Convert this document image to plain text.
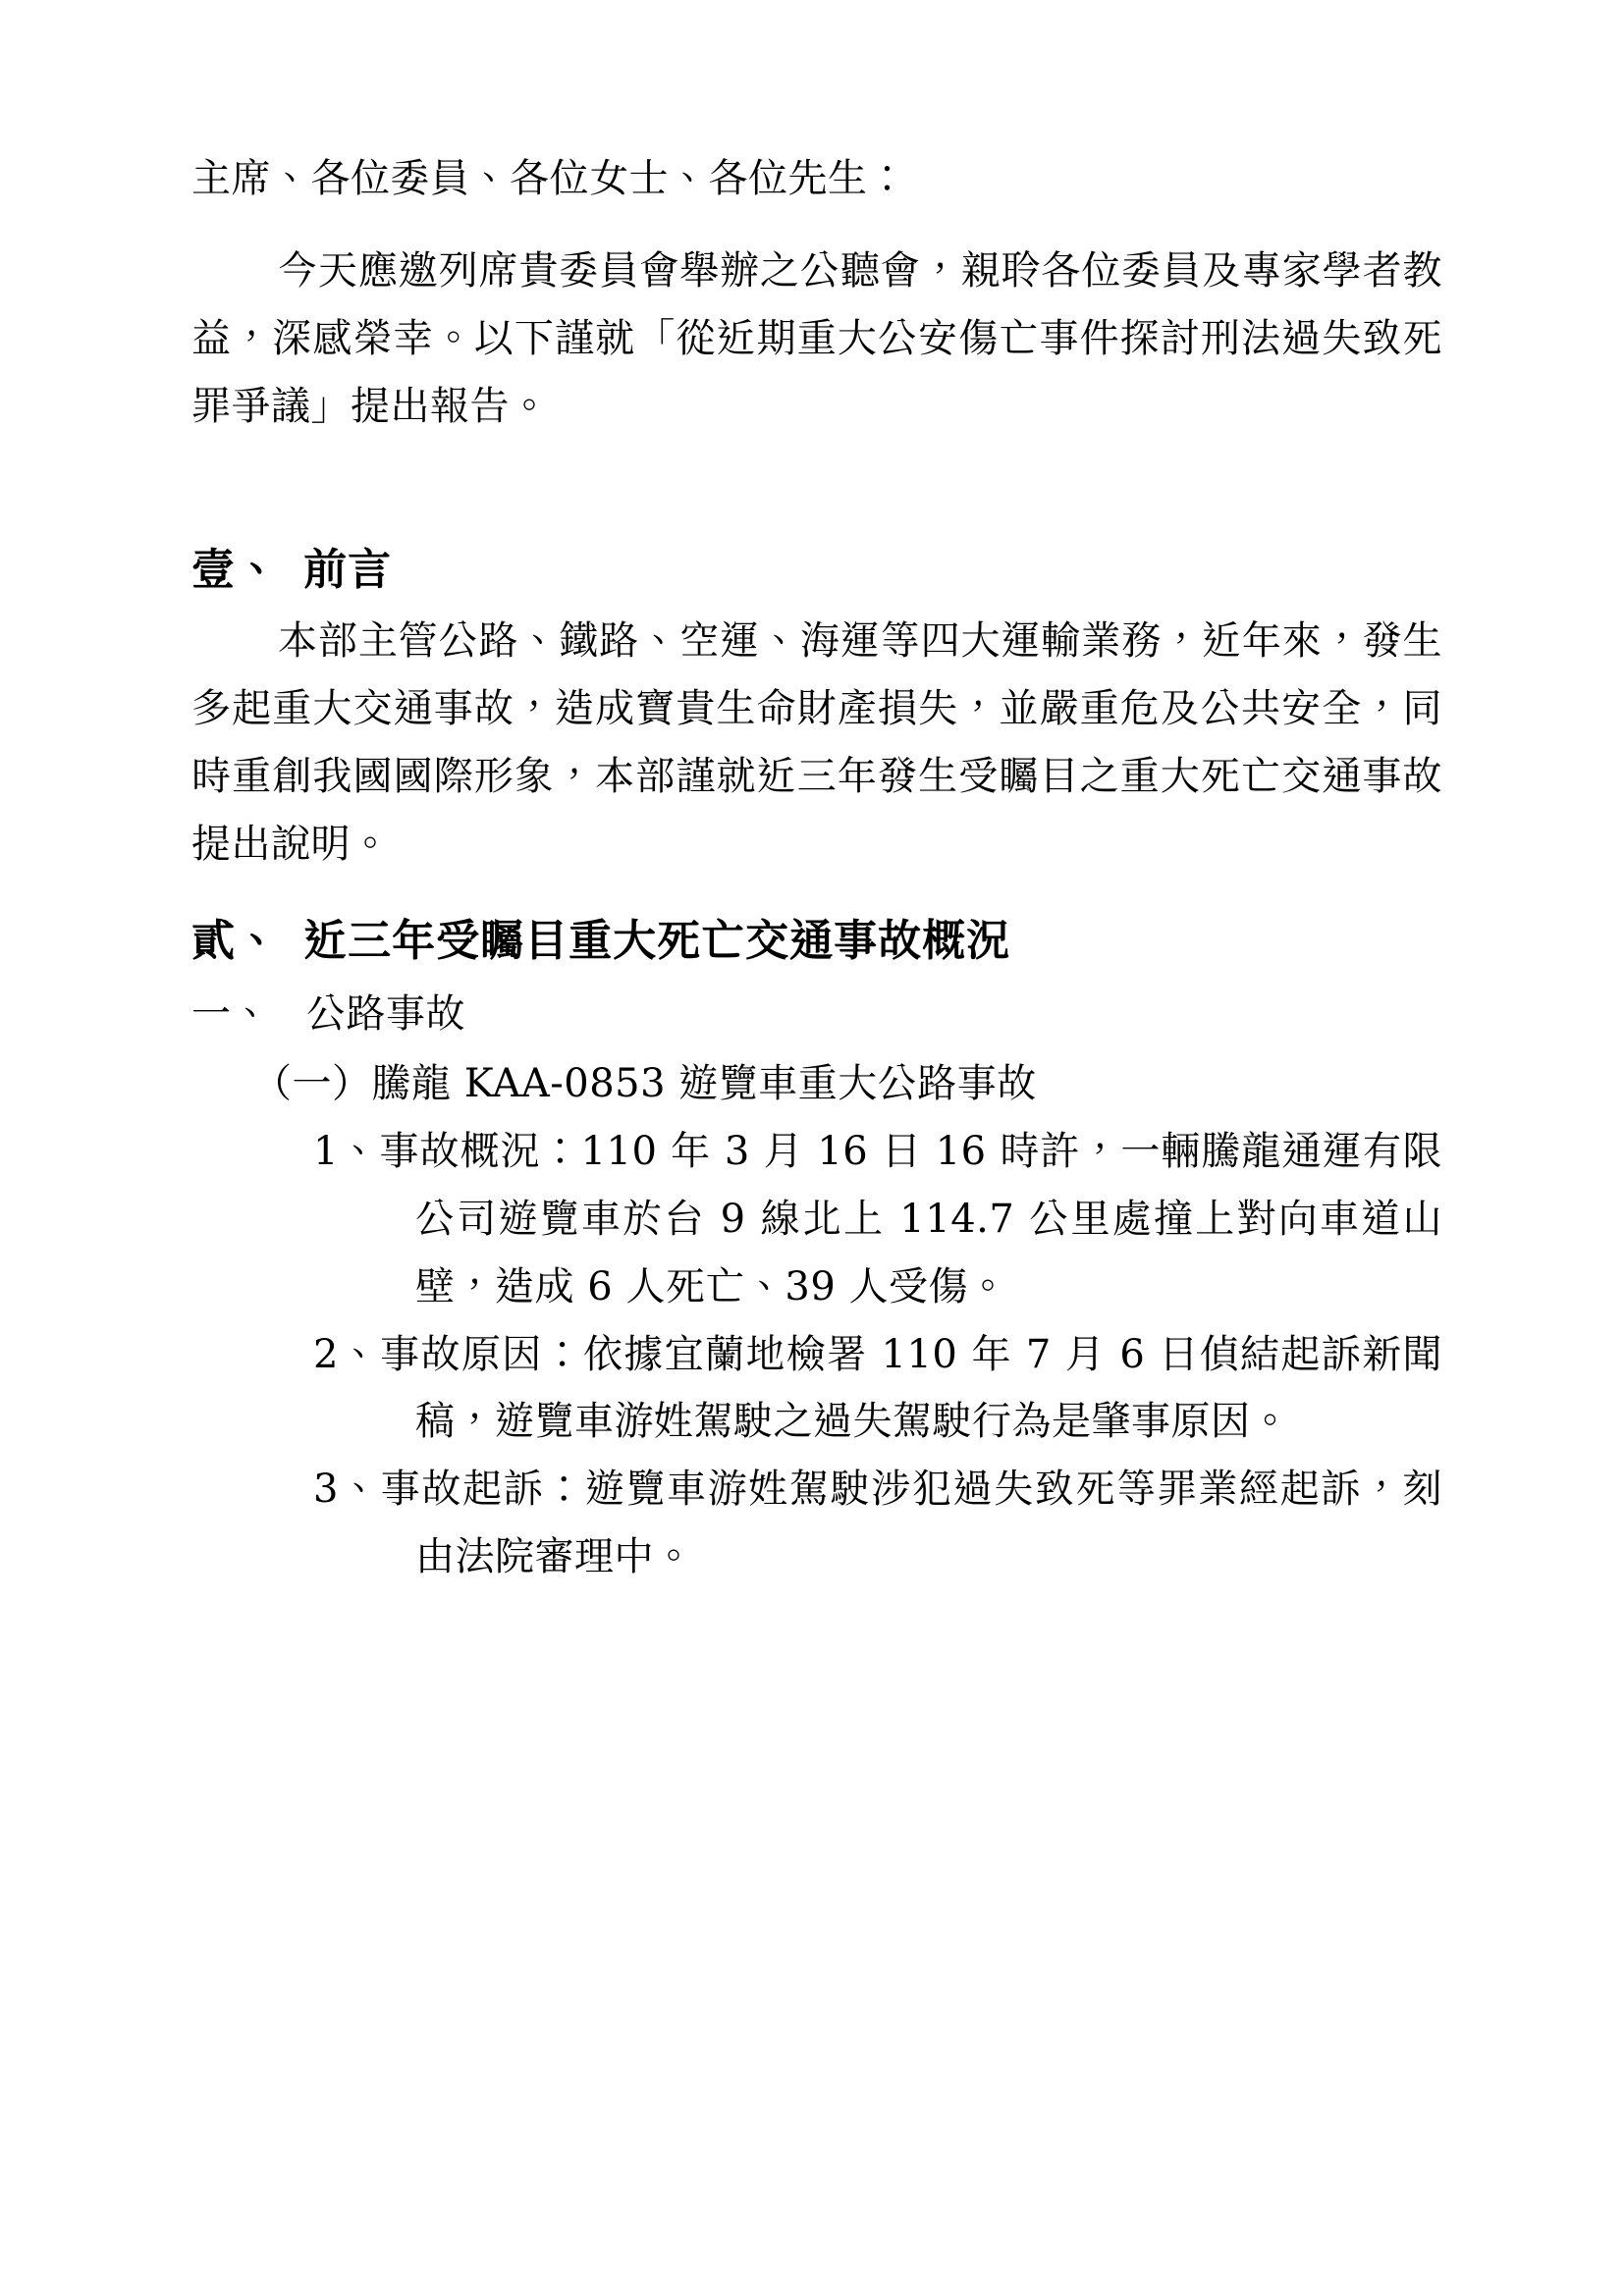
主席、各位委員、各位女士、各位先生：

今天應邀列席貴委員會舉辦之公聽會，親聆各位委員及專家學者教益，深感榮幸。以下謹就「從近期重大公安傷亡事件探討刑法過失致死罪爭議」提出報告。

壹、 前言

本部主管公路、鐵路、空運、海運等四大運輸業務，近年來，發生多起重大交通事故，造成寶貴生命財產損失，並嚴重危及公共安全，同時重創我國國際形象，本部謹就近三年發生受矚目之重大死亡交通事故提出說明。

貳、 近三年受矚目重大死亡交通事故概況

一、 公路事故

（一）騰龍 KAA-0853 遊覽車重大公路事故

1、事故概況：110 年 3 月 16 日 16 時許，一輛騰龍通運有限公司遊覽車於台 9 線北上 114.7 公里處撞上對向車道山壁，造成 6 人死亡、39 人受傷。

2、事故原因：依據宜蘭地檢署 110 年 7 月 6 日偵結起訴新聞稿，遊覽車游姓駕駛之過失駕駛行為是肇事原因。

3、事故起訴：遊覽車游姓駕駛涉犯過失致死等罪業經起訴，刻由法院審理中。
